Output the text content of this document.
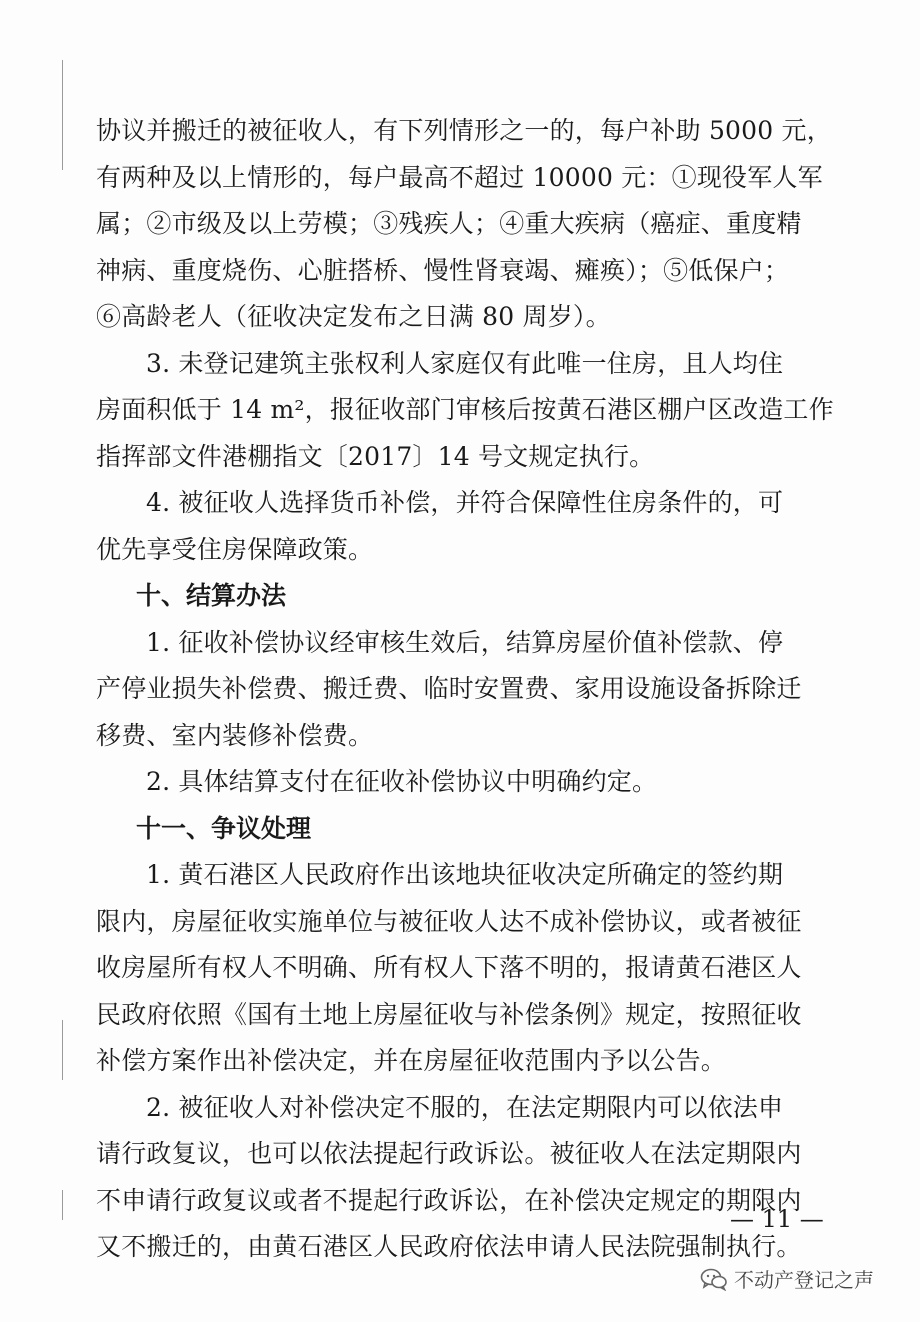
协议并搬迁的被征收人，有下列情形之一的，每户补助 5000 元，
有两种及以上情形的，每户最高不超过 10000 元：①现役军人军
属；②市级及以上劳模；③残疾人；④重大疾病（癌症、重度精
神病、重度烧伤、心脏搭桥、慢性肾衰竭、瘫痪）；⑤低保户；
⑥高龄老人（征收决定发布之日满 80 周岁）。
3. 未登记建筑主张权利人家庭仅有此唯一住房，且人均住
房面积低于 14 m²，报征收部门审核后按黄石港区棚户区改造工作
指挥部文件港棚指文〔2017〕14 号文规定执行。
4. 被征收人选择货币补偿，并符合保障性住房条件的，可
优先享受住房保障政策。
十、结算办法
1. 征收补偿协议经审核生效后，结算房屋价值补偿款、停
产停业损失补偿费、搬迁费、临时安置费、家用设施设备拆除迁
移费、室内装修补偿费。
2. 具体结算支付在征收补偿协议中明确约定。
十一、争议处理
1. 黄石港区人民政府作出该地块征收决定所确定的签约期
限内，房屋征收实施单位与被征收人达不成补偿协议，或者被征
收房屋所有权人不明确、所有权人下落不明的，报请黄石港区人
民政府依照《国有土地上房屋征收与补偿条例》规定，按照征收
补偿方案作出补偿决定，并在房屋征收范围内予以公告。
2. 被征收人对补偿决定不服的，在法定期限内可以依法申
请行政复议，也可以依法提起行政诉讼。被征收人在法定期限内
不申请行政复议或者不提起行政诉讼，在补偿决定规定的期限内
又不搬迁的，由黄石港区人民政府依法申请人民法院强制执行。
— 11 —
不动产登记之声
